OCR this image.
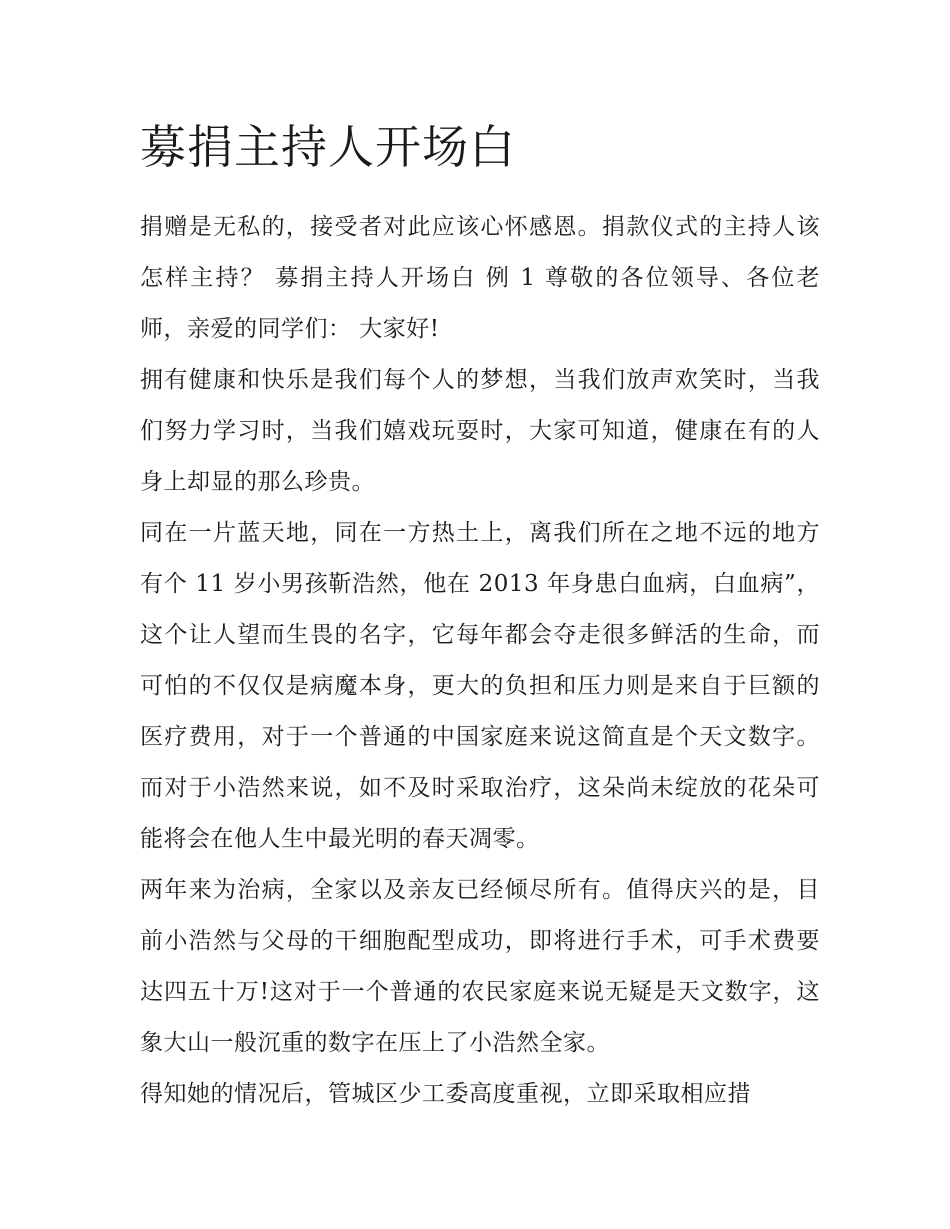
募捐主持人开场白

捐赠是无私的，接受者对此应该心怀感恩。捐款仪式的主持人该怎样主持？ 募捐主持人开场白 例 1 尊敬的各位领导、各位老师，亲爱的同学们： 大家好!

拥有健康和快乐是我们每个人的梦想，当我们放声欢笑时，当我们努力学习时，当我们嬉戏玩耍时，大家可知道，健康在有的人身上却显的那么珍贵。

同在一片蓝天地，同在一方热土上，离我们所在之地不远的地方有个 11 岁小男孩靳浩然，他在 2013 年身患白血病，白血病”，这个让人望而生畏的名字，它每年都会夺走很多鲜活的生命，而可怕的不仅仅是病魔本身，更大的负担和压力则是来自于巨额的医疗费用，对于一个普通的中国家庭来说这简直是个天文数字。而对于小浩然来说，如不及时采取治疗，这朵尚未绽放的花朵可能将会在他人生中最光明的春天凋零。

两年来为治病，全家以及亲友已经倾尽所有。值得庆兴的是，目前小浩然与父母的干细胞配型成功，即将进行手术，可手术费要达四五十万!这对于一个普通的农民家庭来说无疑是天文数字，这象大山一般沉重的数字在压上了小浩然全家。

得知她的情况后，管城区少工委高度重视，立即采取相应措
